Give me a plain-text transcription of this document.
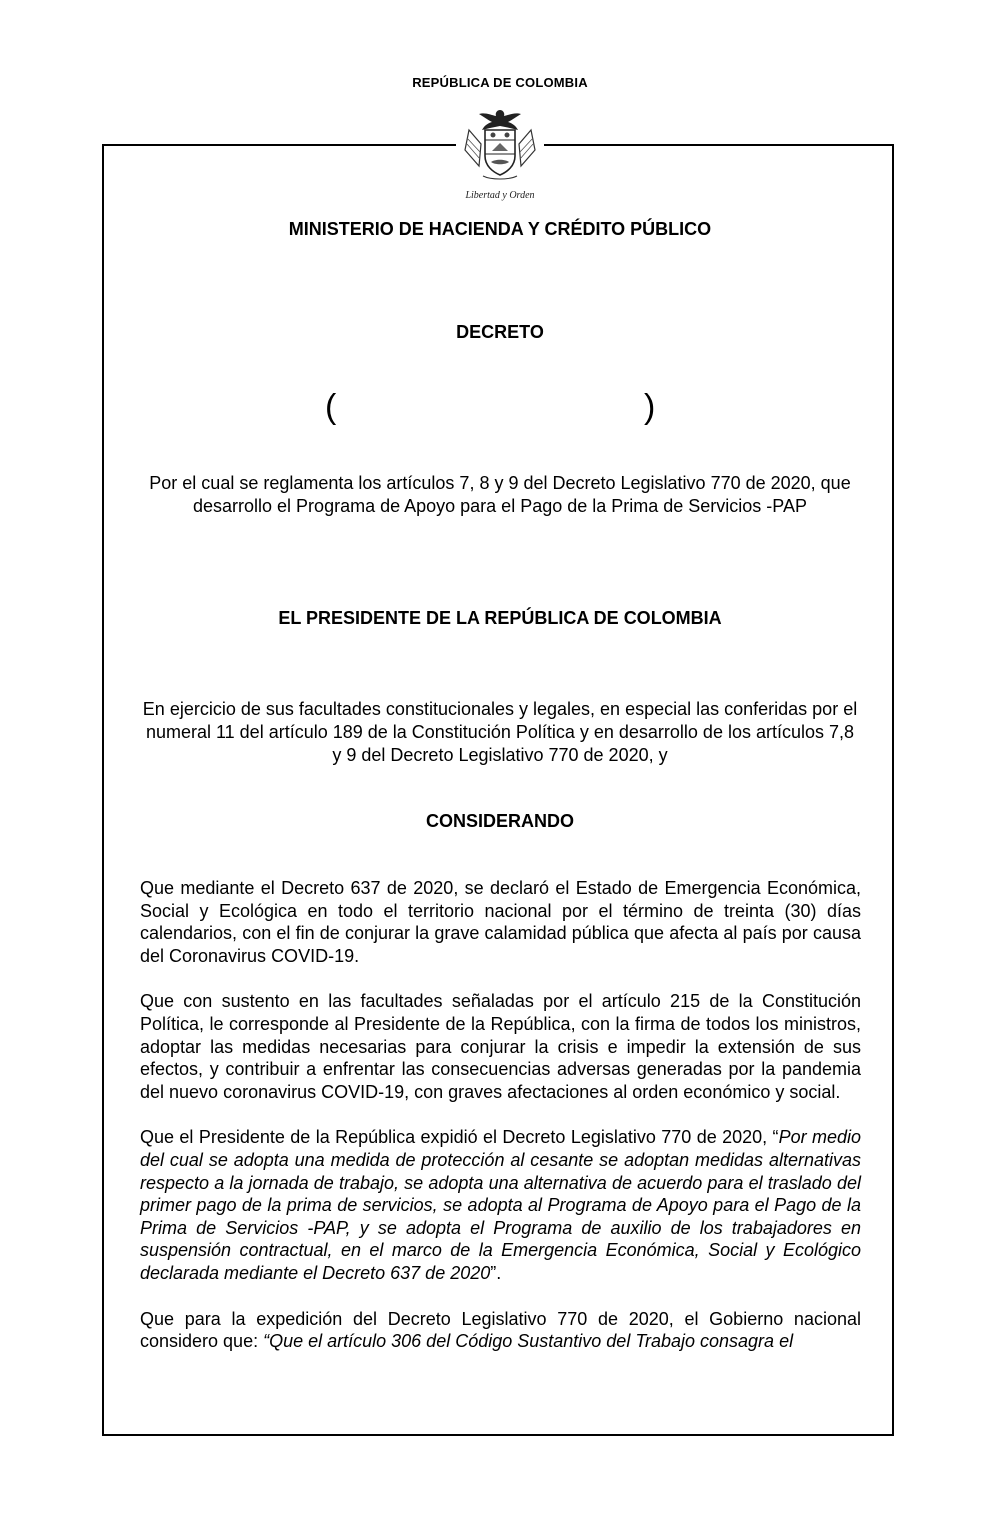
REPÚBLICA DE COLOMBIA
Libertad y Orden
MINISTERIO DE HACIENDA Y CRÉDITO PÚBLICO
DECRETO
(	)
Por el cual se reglamenta los artículos 7, 8 y 9 del Decreto Legislativo 770 de 2020, que desarrollo el Programa de Apoyo para el Pago de la Prima de Servicios -PAP
EL PRESIDENTE DE LA REPÚBLICA DE COLOMBIA
En ejercicio de sus facultades constitucionales y legales, en especial las conferidas por el numeral 11 del artículo 189 de la Constitución Política y en desarrollo de los artículos 7,8 y 9 del Decreto Legislativo 770 de 2020, y
CONSIDERANDO

Que mediante el Decreto 637 de 2020, se declaró el Estado de Emergencia Económica, Social y Ecológica en todo el territorio nacional por el término de treinta (30) días calendarios, con el fin de conjurar la grave calamidad pública que afecta al país por causa del Coronavirus COVID-19.

Que con sustento en las facultades señaladas por el artículo 215 de la Constitución Política, le corresponde al Presidente de la República, con la firma de todos los ministros, adoptar las medidas necesarias para conjurar la crisis e impedir la extensión de sus efectos, y contribuir a enfrentar las consecuencias adversas generadas por la pandemia del nuevo coronavirus COVID-19, con graves afectaciones al orden económico y social.

Que el Presidente de la República expidió el Decreto Legislativo 770 de 2020, “Por medio del cual se adopta una medida de protección al cesante se adoptan medidas alternativas respecto a la jornada de trabajo, se adopta una alternativa de acuerdo para el traslado del primer pago de la prima de servicios, se adopta al Programa de Apoyo para el Pago de la Prima de Servicios -PAP, y se adopta el Programa de auxilio de los trabajadores en suspensión contractual, en el marco de la Emergencia Económica, Social y Ecológico declarada mediante el Decreto 637 de 2020”.

Que para la expedición del Decreto Legislativo 770 de 2020, el Gobierno nacional considero que: “Que el artículo 306 del Código Sustantivo del Trabajo consagra el
